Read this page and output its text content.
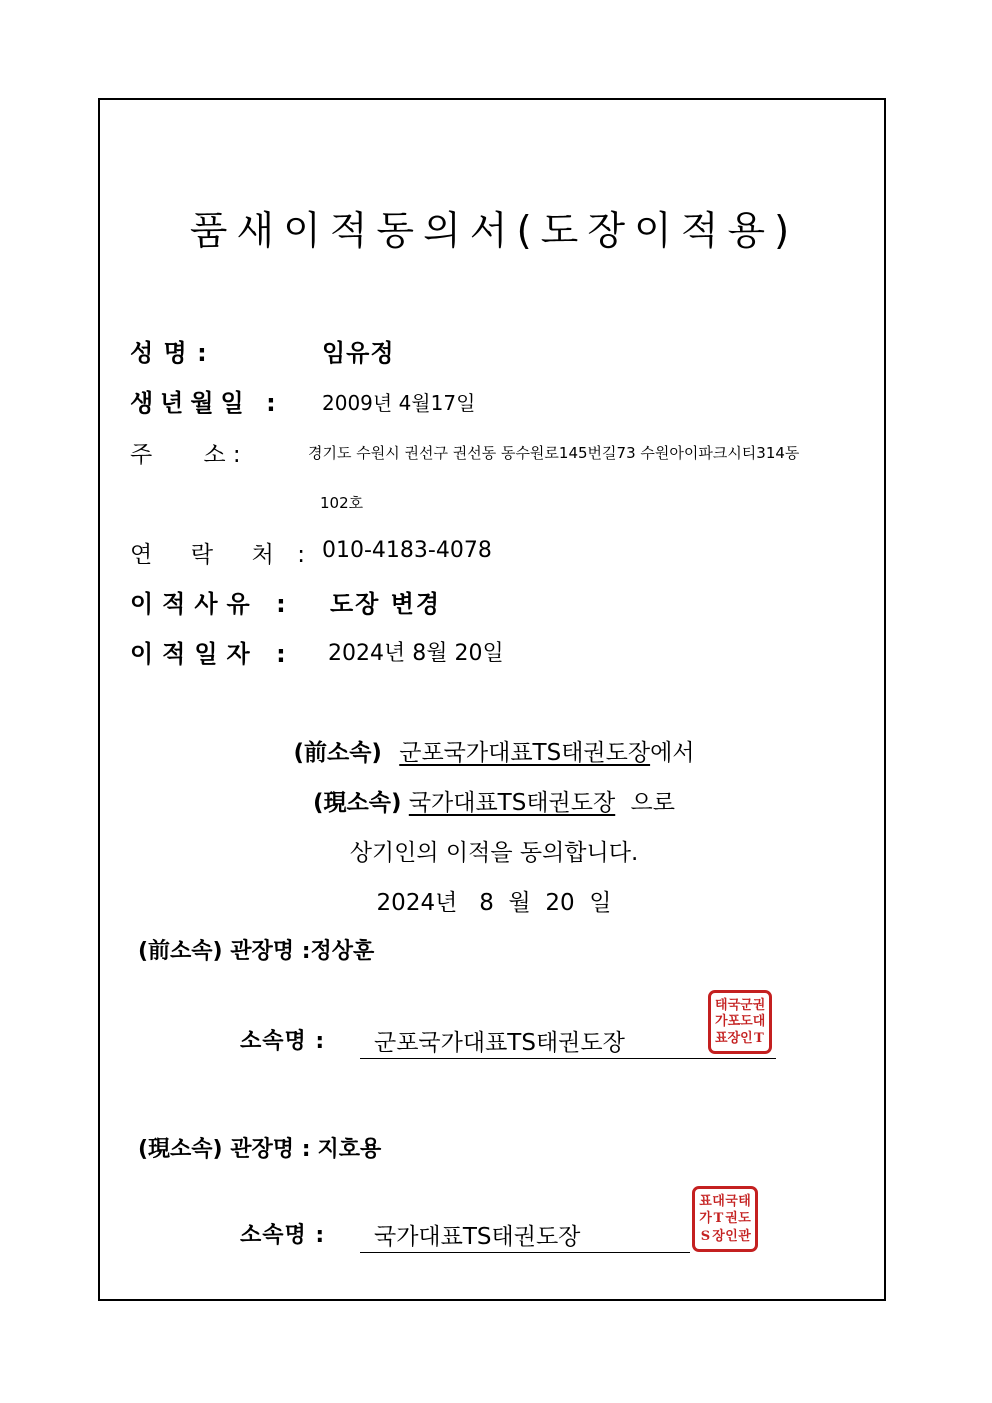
품새이적동의서(도장이적용)
성 명 :	임유정
생년월일 : 2009년 4월17일
주       소 :	경기도 수원시 권선구 권선동 동수원로145번길73 수원아이파크시티314동
102호
연  락  처 : 010-4183-4078
이적사유 : 도장 변경
이적일자 : 2024년 8월 20일
(前소속) 군포국가대표TS태권도장에서
(現소속) 국가대표TS태권도장 으로
상기인의 이적을 동의합니다.
2024년   8  월  20  일
(前소속) 관장명 :정상훈
소속명 : 군포국가대표TS태권도장
태 국 군 권
가 포 도 대
표 장 인 T
(現소속) 관장명 : 지호용
소속명 : 국가대표TS태권도장
표 대 국 태
가 T 권 도
S 장 인 관
